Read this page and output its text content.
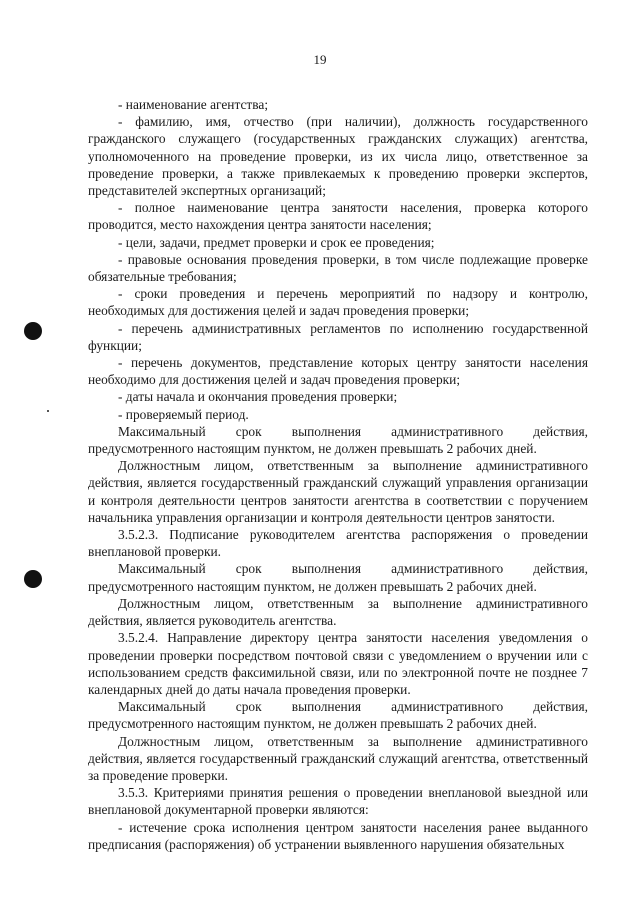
19

- наименование агентства;

- фамилию, имя, отчество (при наличии), должность государственного гражданского служащего (государственных гражданских служащих) агентства, уполномоченного на проведение проверки, из их числа лицо, ответственное за проведение проверки, а также привлекаемых к проведению проверки экспертов, представителей экспертных организаций;

- полное наименование центра занятости населения, проверка которого проводится, место нахождения центра занятости населения;

- цели, задачи, предмет проверки и срок ее проведения;

- правовые основания проведения проверки, в том числе подлежащие проверке обязательные требования;

- сроки проведения и перечень мероприятий по надзору и контролю, необходимых для достижения целей и задач проведения проверки;

- перечень административных регламентов по исполнению государственной функции;

- перечень документов, представление которых центру занятости населения необходимо для достижения целей и задач проведения проверки;

- даты начала и окончания проведения проверки;

- проверяемый период.

Максимальный срок выполнения административного действия, предусмотренного настоящим пунктом, не должен превышать 2 рабочих дней.

Должностным лицом, ответственным за выполнение административного действия, является государственный гражданский служащий управления организации и контроля деятельности центров занятости агентства в соответствии с поручением начальника управления организации и контроля деятельности центров занятости.

3.5.2.3. Подписание руководителем агентства распоряжения о проведении внеплановой проверки.

Максимальный срок выполнения административного действия, предусмотренного настоящим пунктом, не должен превышать 2 рабочих дней.

Должностным лицом, ответственным за выполнение административного действия, является руководитель агентства.

3.5.2.4. Направление директору центра занятости населения уведомления о проведении проверки посредством почтовой связи с уведомлением о вручении или с использованием средств факсимильной связи, или по электронной почте не позднее 7 календарных дней до даты начала проведения проверки.

Максимальный срок выполнения административного действия, предусмотренного настоящим пунктом, не должен превышать 2 рабочих дней.

Должностным лицом, ответственным за выполнение административного действия, является государственный гражданский служащий агентства, ответственный за проведение проверки.

3.5.3. Критериями принятия решения о проведении внеплановой выездной или внеплановой документарной проверки являются:

- истечение срока исполнения центром занятости населения ранее выданного предписания (распоряжения) об устранении выявленного нарушения обязательных
